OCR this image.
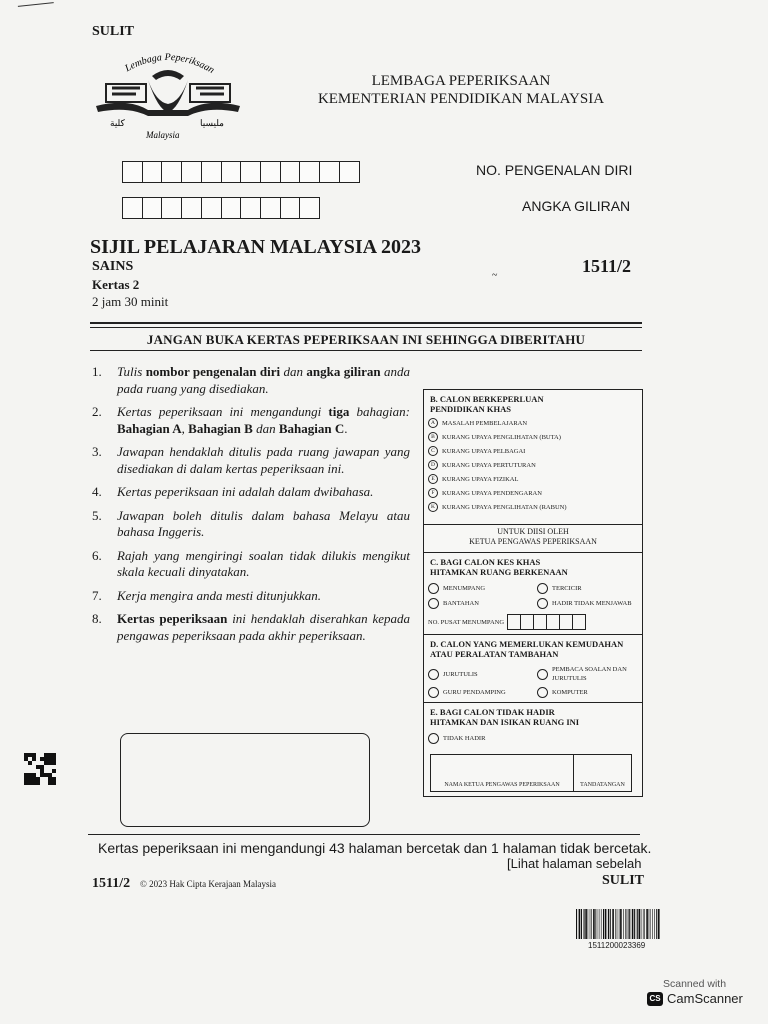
SULIT
Lembaga Peperiksaan
ﻛﻠﯿﺔ	ﻣﻠﯿﺴﯿﺎ
Malaysia
LEMBAGA PEPERIKSAAN
KEMENTERIAN PENDIDIKAN MALAYSIA
NO. PENGENALAN DIRI
ANGKA GILIRAN
SIJIL PELAJARAN MALAYSIA 2023
SAINS
~	1511/2
Kertas 2
2 jam 30 minit
JANGAN BUKA KERTAS PEPERIKSAAN INI SEHINGGA DIBERITAHU
1.	Tulis nombor pengenalan diri dan angka giliran anda pada ruang yang disediakan.
2.	Kertas peperiksaan ini mengandungi tiga bahagian: Bahagian A, Bahagian B dan Bahagian C.
3.	Jawapan hendaklah ditulis pada ruang jawapan yang disediakan di dalam kertas peperiksaan ini.
4.	Kertas peperiksaan ini adalah dalam dwibahasa.
5.	Jawapan boleh ditulis dalam bahasa Melayu atau bahasa Inggeris.
6.	Rajah yang mengiringi soalan tidak dilukis mengikut skala kecuali dinyatakan.
7.	Kerja mengira anda mesti ditunjukkan.
8.	Kertas peperiksaan ini hendaklah diserahkan kepada pengawas peperiksaan pada akhir peperiksaan.
B. CALON BERKEPERLUAN
PENDIDIKAN KHAS
A	MASALAH PEMBELAJARAN
B	KURANG UPAYA PENGLIHATAN (BUTA)
C	KURANG UPAYA PELBAGAI
D	KURANG UPAYA PERTUTURAN
E	KURANG UPAYA FIZIKAL
F	KURANG UPAYA PENDENGARAN
K	KURANG UPAYA PENGLIHATAN (RABUN)
UNTUK DIISI OLEH
KETUA PENGAWAS PEPERIKSAAN
C. BAGI CALON KES KHAS
HITAMKAN RUANG BERKENAAN
MENUMPANG	TERCICIR
BANTAHAN	HADIR TIDAK MENJAWAB
NO. PUSAT MENUMPANG
D. CALON YANG MEMERLUKAN KEMUDAHAN
ATAU PERALATAN TAMBAHAN
JURUTULIS
PEMBACA SOALAN DAN JURUTULIS
GURU PENDAMPING	KOMPUTER
E. BAGI CALON TIDAK HADIR
HITAMKAN DAN ISIKAN RUANG INI
TIDAK HADIR
NAMA KETUA PENGAWAS PEPERIKSAAN	TANDATANGAN
Kertas peperiksaan ini mengandungi 43 halaman bercetak dan 1 halaman tidak bercetak.
[Lihat halaman sebelah
1511/2 © 2023 Hak Cipta Kerajaan Malaysia	SULIT
1511200023369
Scanned with
CS CamScanner
